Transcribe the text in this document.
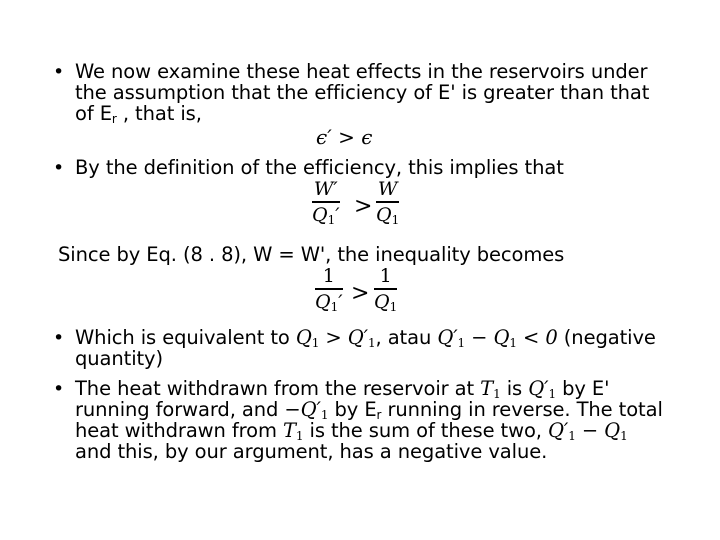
• We now examine these heat effects in the reservoirs under
the assumption that the efficiency of E' is greater than that
of $E_r$ , that is,
ϵ′ > ϵ
• By the definition of the efficiency, this implies that
W′
$Q_1'$ >
W
$Q_1$
Since by Eq. (8 . 8), W = W', the inequality becomes
1
$Q_1'$ >
1
$Q_1$
• Which is equivalent to $Q_1 > Q'_1$, atau $Q'_1 - Q_1 < 0$ (negative
quantity)
• The heat withdrawn from the reservoir at $T_1$ is $Q'_1$ by E'
running forward, and $-Q'_1$ by $E_r$ running in reverse. The total
heat withdrawn from $T_1$ is the sum of these two, $Q'_1 - Q_1$
and this, by our argument, has a negative value.
